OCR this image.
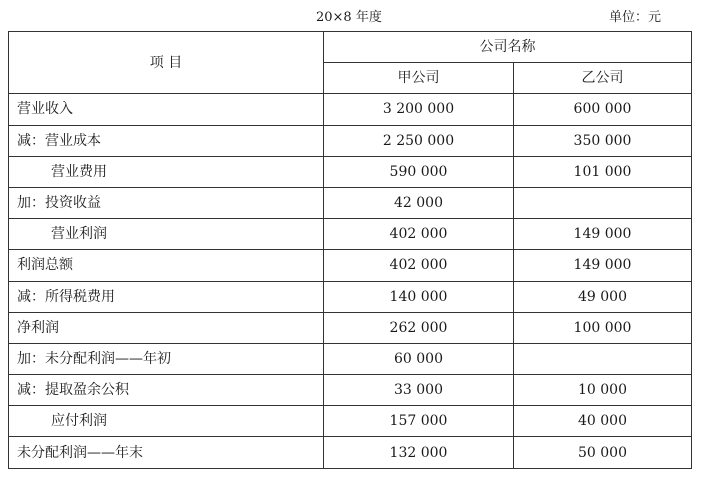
20×8 年度	单位：元
项 目	公司名称	
	甲公司	乙公司
营业收入	3 200 000	600 000
减：营业成本	2 250 000	350 000
营业费用	590 000	101 000
加：投资收益	42 000	
营业利润	402 000	149 000
利润总额	402 000	149 000
减：所得税费用	140 000	49 000
净利润	262 000	100 000
加：未分配利润——年初	60 000	
减：提取盈余公积	33 000	10 000
应付利润	157 000	40 000
未分配利润——年末	132 000	50 000
